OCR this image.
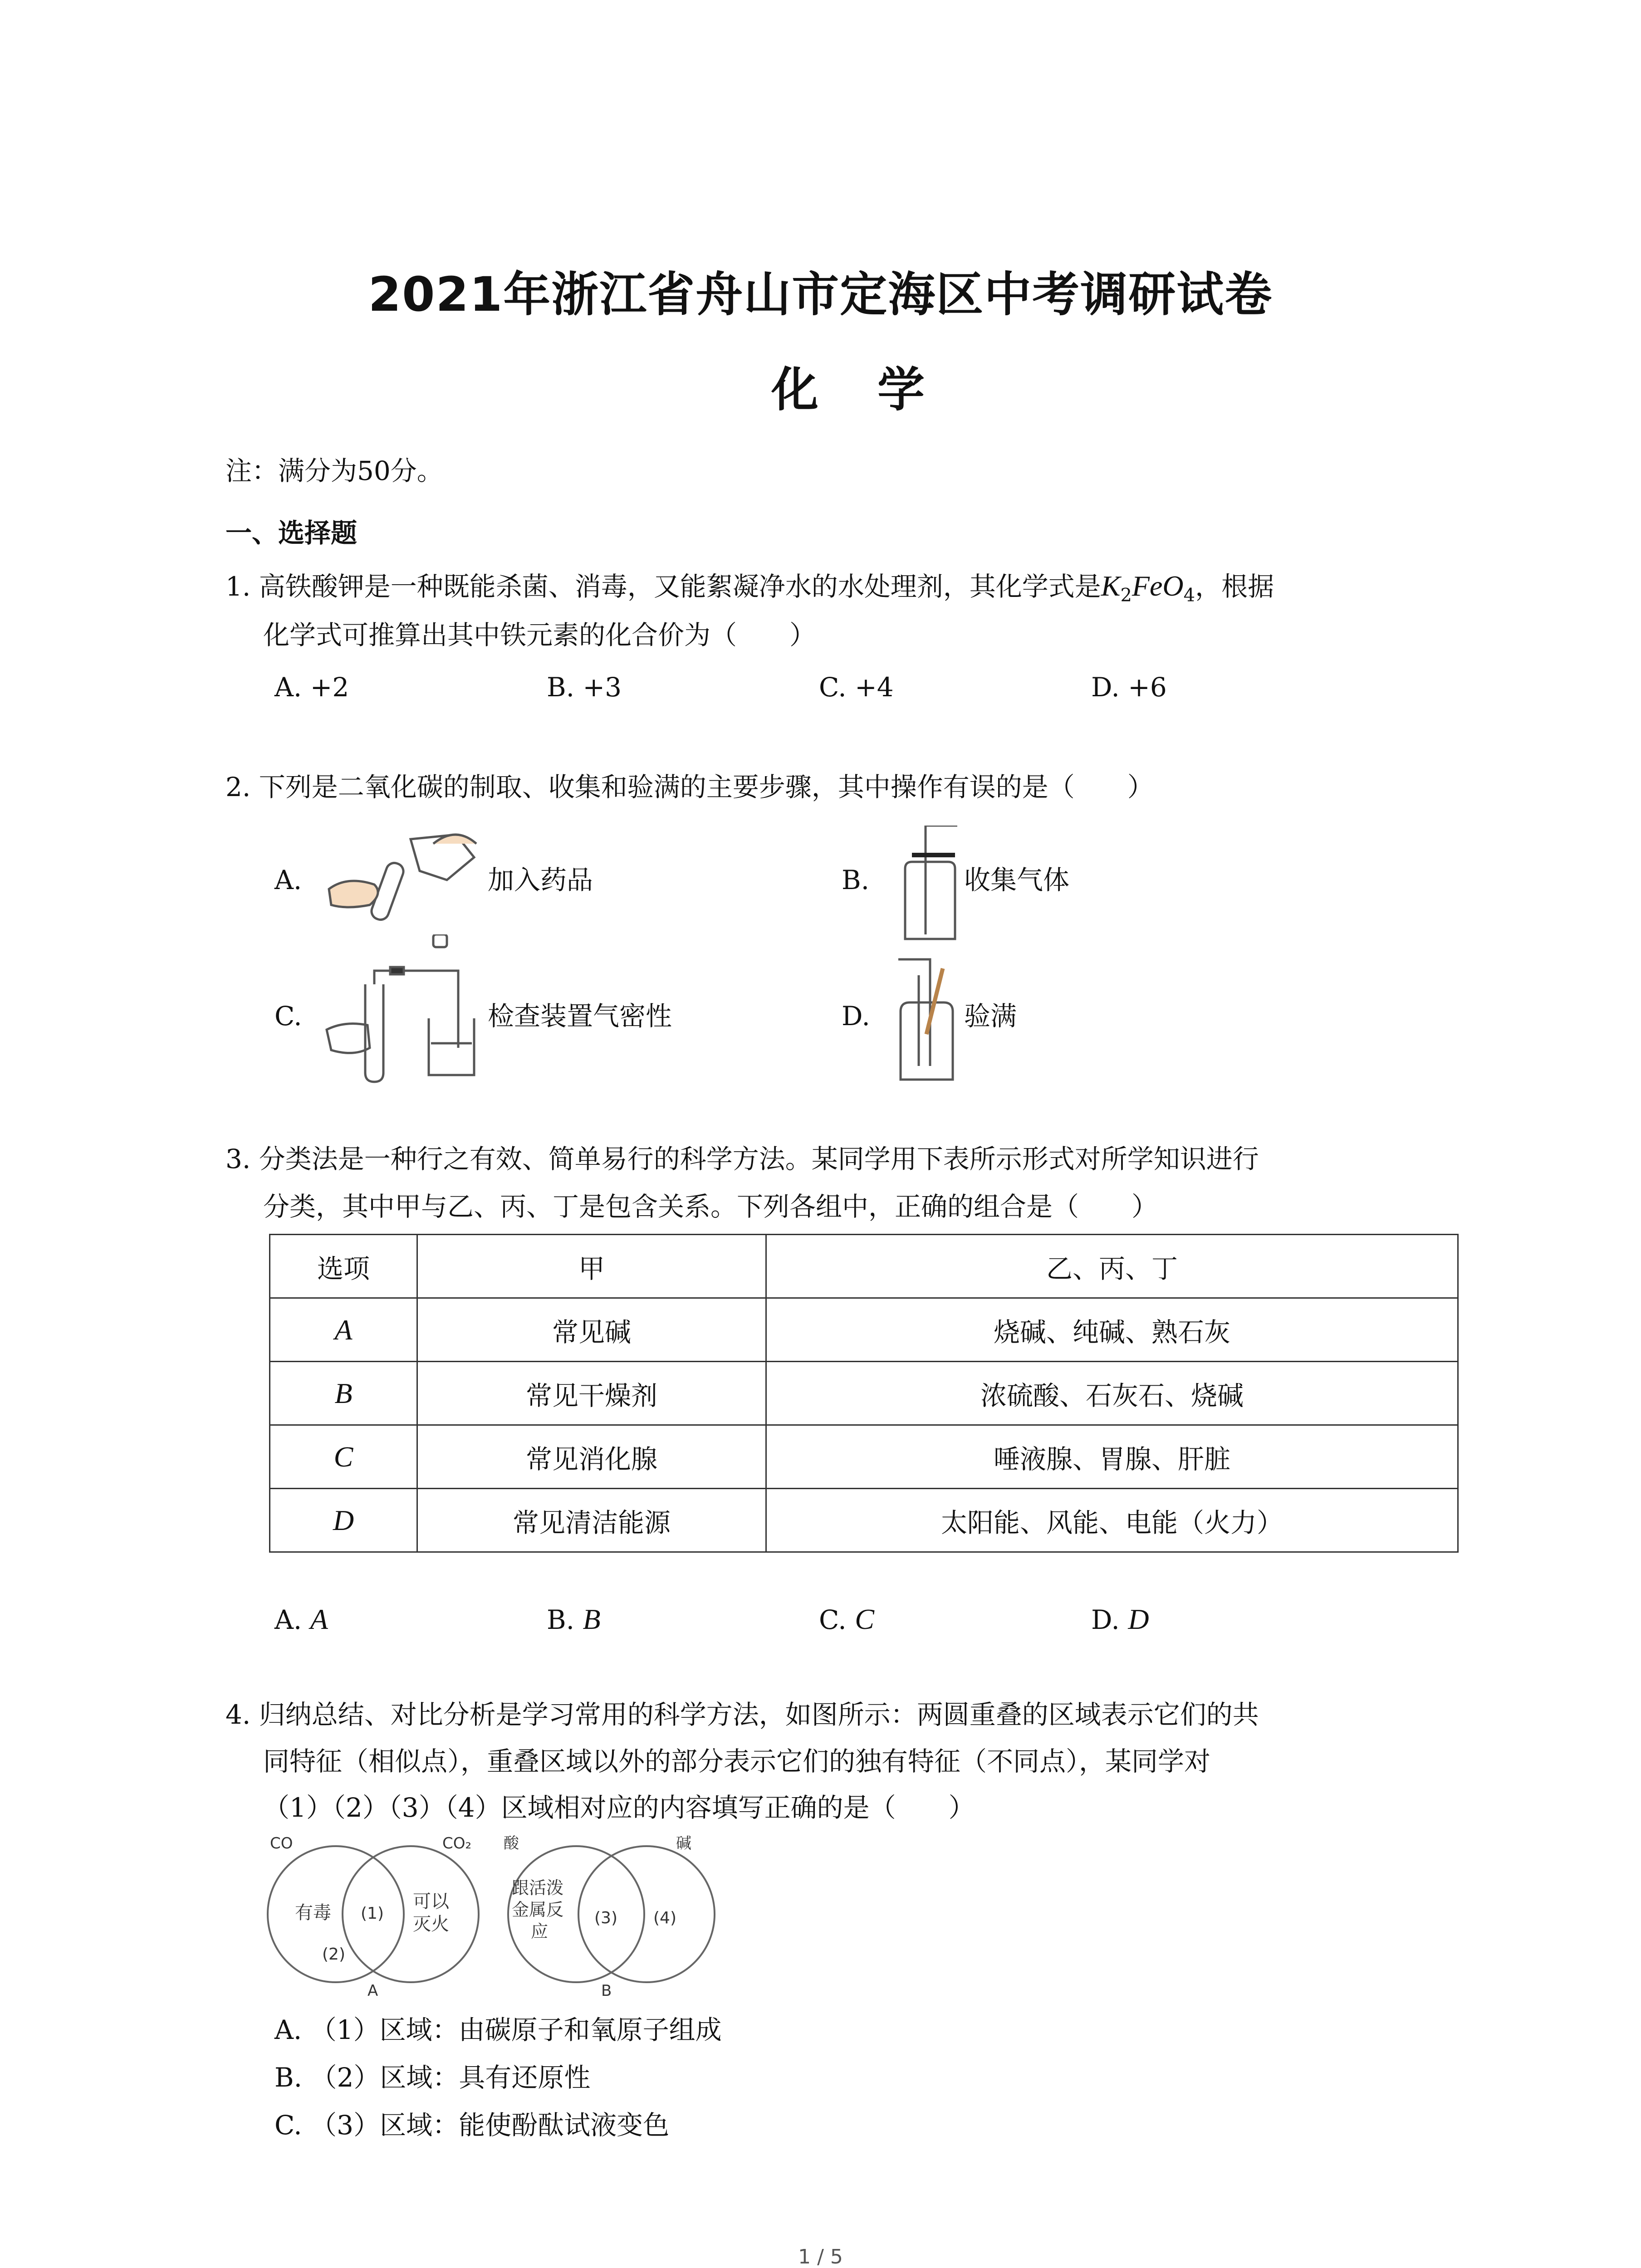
2021年浙江省舟山市定海区中考调研试卷
化学
注：满分为50分。
一、选择题
1. 高铁酸钾是一种既能杀菌、消毒，又能絮凝净水的水处理剂，其化学式是$K_2FeO_4$，根据
化学式可推算出其中铁元素的化合价为（　　）
A. +2	B. +3	C. +4	D. +6
2. 下列是二氧化碳的制取、收集和验满的主要步骤，其中操作有误的是（　　）
A.	加入药品	B.	收集气体
C.	检查装置气密性	D.	验满
3. 分类法是一种行之有效、简单易行的科学方法。某同学用下表所示形式对所学知识进行
分类，其中甲与乙、丙、丁是包含关系。下列各组中，正确的组合是（　　）
选项	甲	乙、丙、丁
A	常见碱	烧碱、纯碱、熟石灰
B	常见干燥剂	浓硫酸、石灰石、烧碱
C	常见消化腺	唾液腺、胃腺、肝脏
D	常见清洁能源	太阳能、风能、电能（火力）
A. A	B. B	C. C	D. D
4. 归纳总结、对比分析是学习常用的科学方法，如图所示：两圆重叠的区域表示它们的共
同特征（相似点），重叠区域以外的部分表示它们的独有特征（不同点），某同学对
（1）（2）（3）（4）区域相对应的内容填写正确的是（　　）
CO	CO₂
有毒 (1)
可以
灭火
(2)
A
酸	碱
跟活泼
金属反
应
(3) (4)
B
A. （1）区域：由碳原子和氧原子组成
B. （2）区域：具有还原性
C. （3）区域：能使酚酞试液变色
1 / 5
